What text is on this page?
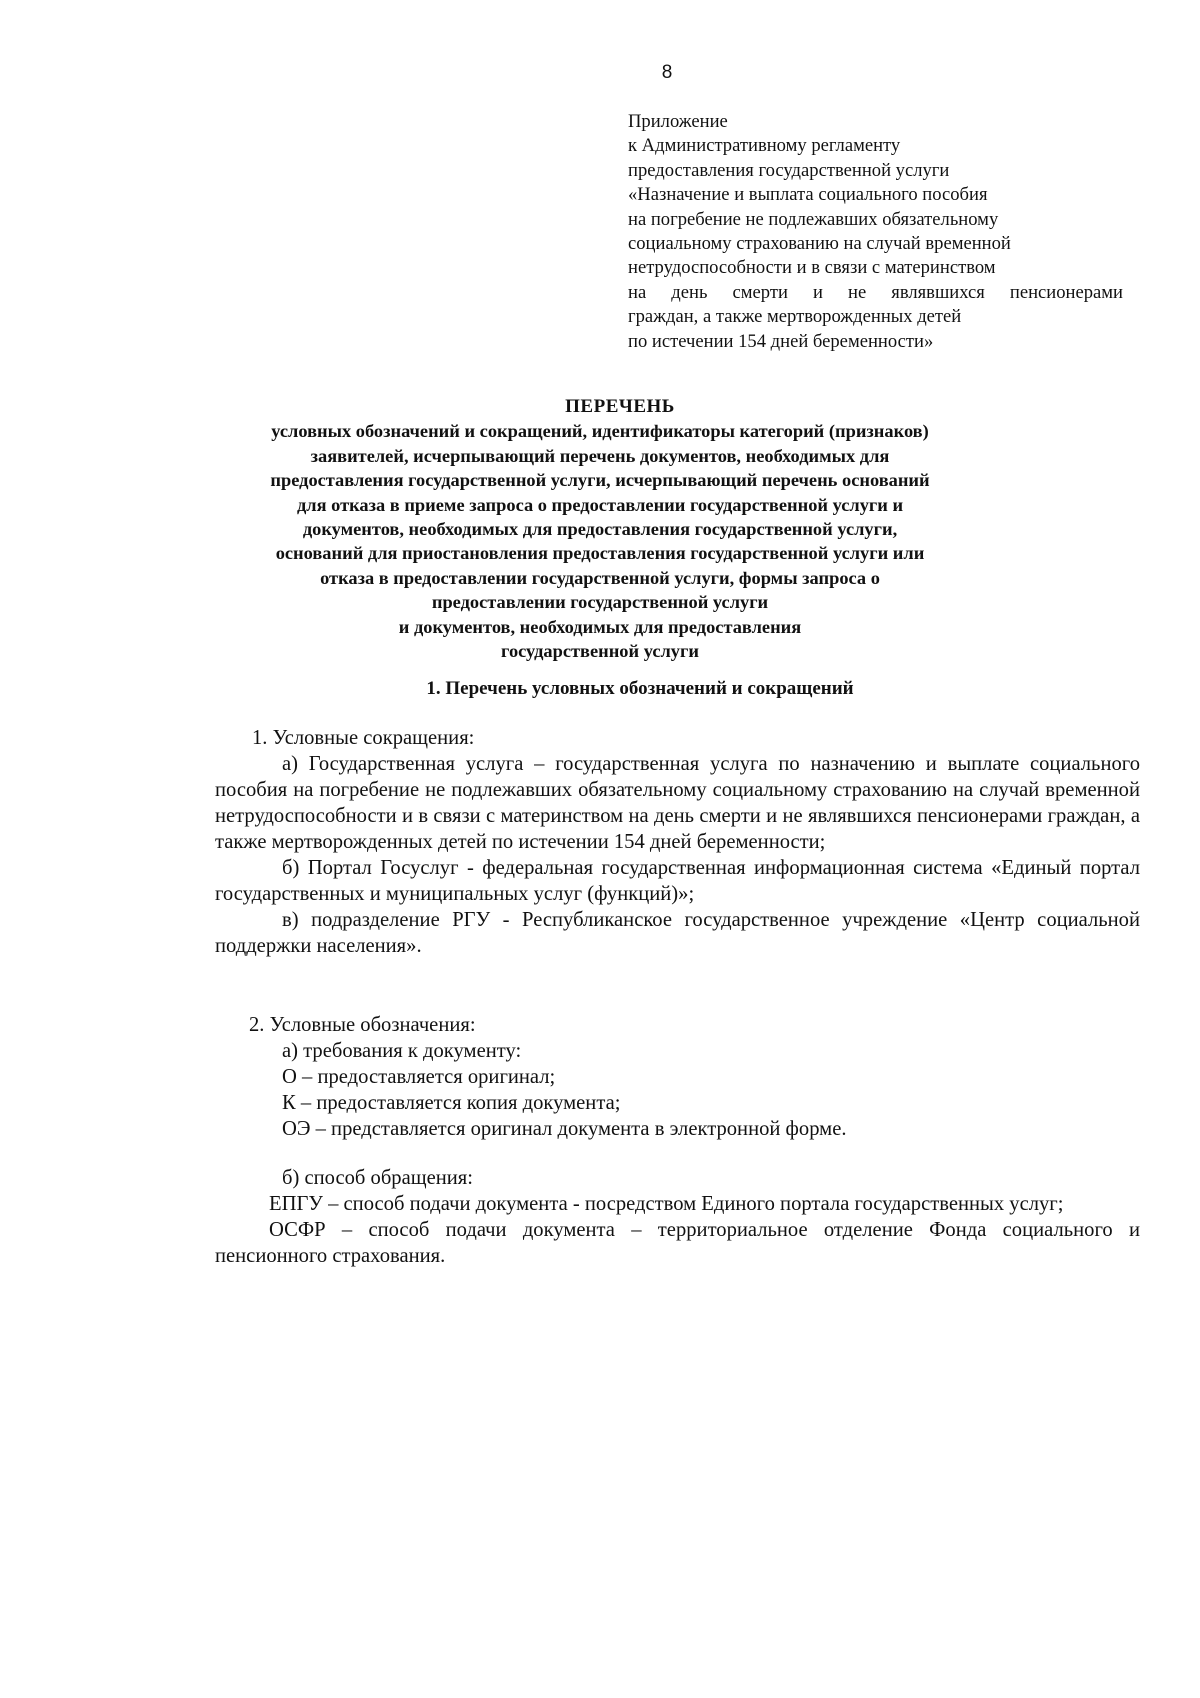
8
Приложение
к Административному регламенту
предоставления государственной услуги
«Назначение и выплата социального пособия
на погребение не подлежавших обязательному
социальному страхованию на случай временной
нетрудоспособности и в связи с материнством
на день смерти и не являвшихся пенсионерами
граждан, а также мертворожденных детей
по истечении 154 дней беременности»
ПЕРЕЧЕНЬ
условных обозначений и сокращений, идентификаторы категорий (признаков)
заявителей, исчерпывающий перечень документов, необходимых для
предоставления государственной услуги, исчерпывающий перечень оснований
для отказа в приеме запроса о предоставлении государственной услуги и
документов, необходимых для предоставления государственной услуги,
оснований для приостановления предоставления государственной услуги или
отказа в предоставлении государственной услуги, формы запроса о
предоставлении государственной услуги
и документов, необходимых для предоставления
государственной услуги
1. Перечень условных обозначений и сокращений
1. Условные сокращения:
а) Государственная услуга – государственная услуга по назначению и выплате социального пособия на погребение не подлежавших обязательному социальному страхованию на случай временной нетрудоспособности и в связи с материнством на день смерти и не являвшихся пенсионерами граждан, а также мертворожденных детей по истечении 154 дней беременности;
б) Портал Госуслуг - федеральная государственная информационная система «Единый портал государственных и муниципальных услуг (функций)»;
в) подразделение РГУ - Республиканское государственное учреждение «Центр социальной поддержки населения».
2. Условные обозначения:
а) требования к документу:
О – предоставляется оригинал;
К – предоставляется копия документа;
ОЭ – представляется оригинал документа в электронной форме.
б) способ обращения:
ЕПГУ – способ подачи документа - посредством Единого портала государственных услуг;
ОСФР – способ подачи документа – территориальное отделение Фонда социального и пенсионного страхования.
